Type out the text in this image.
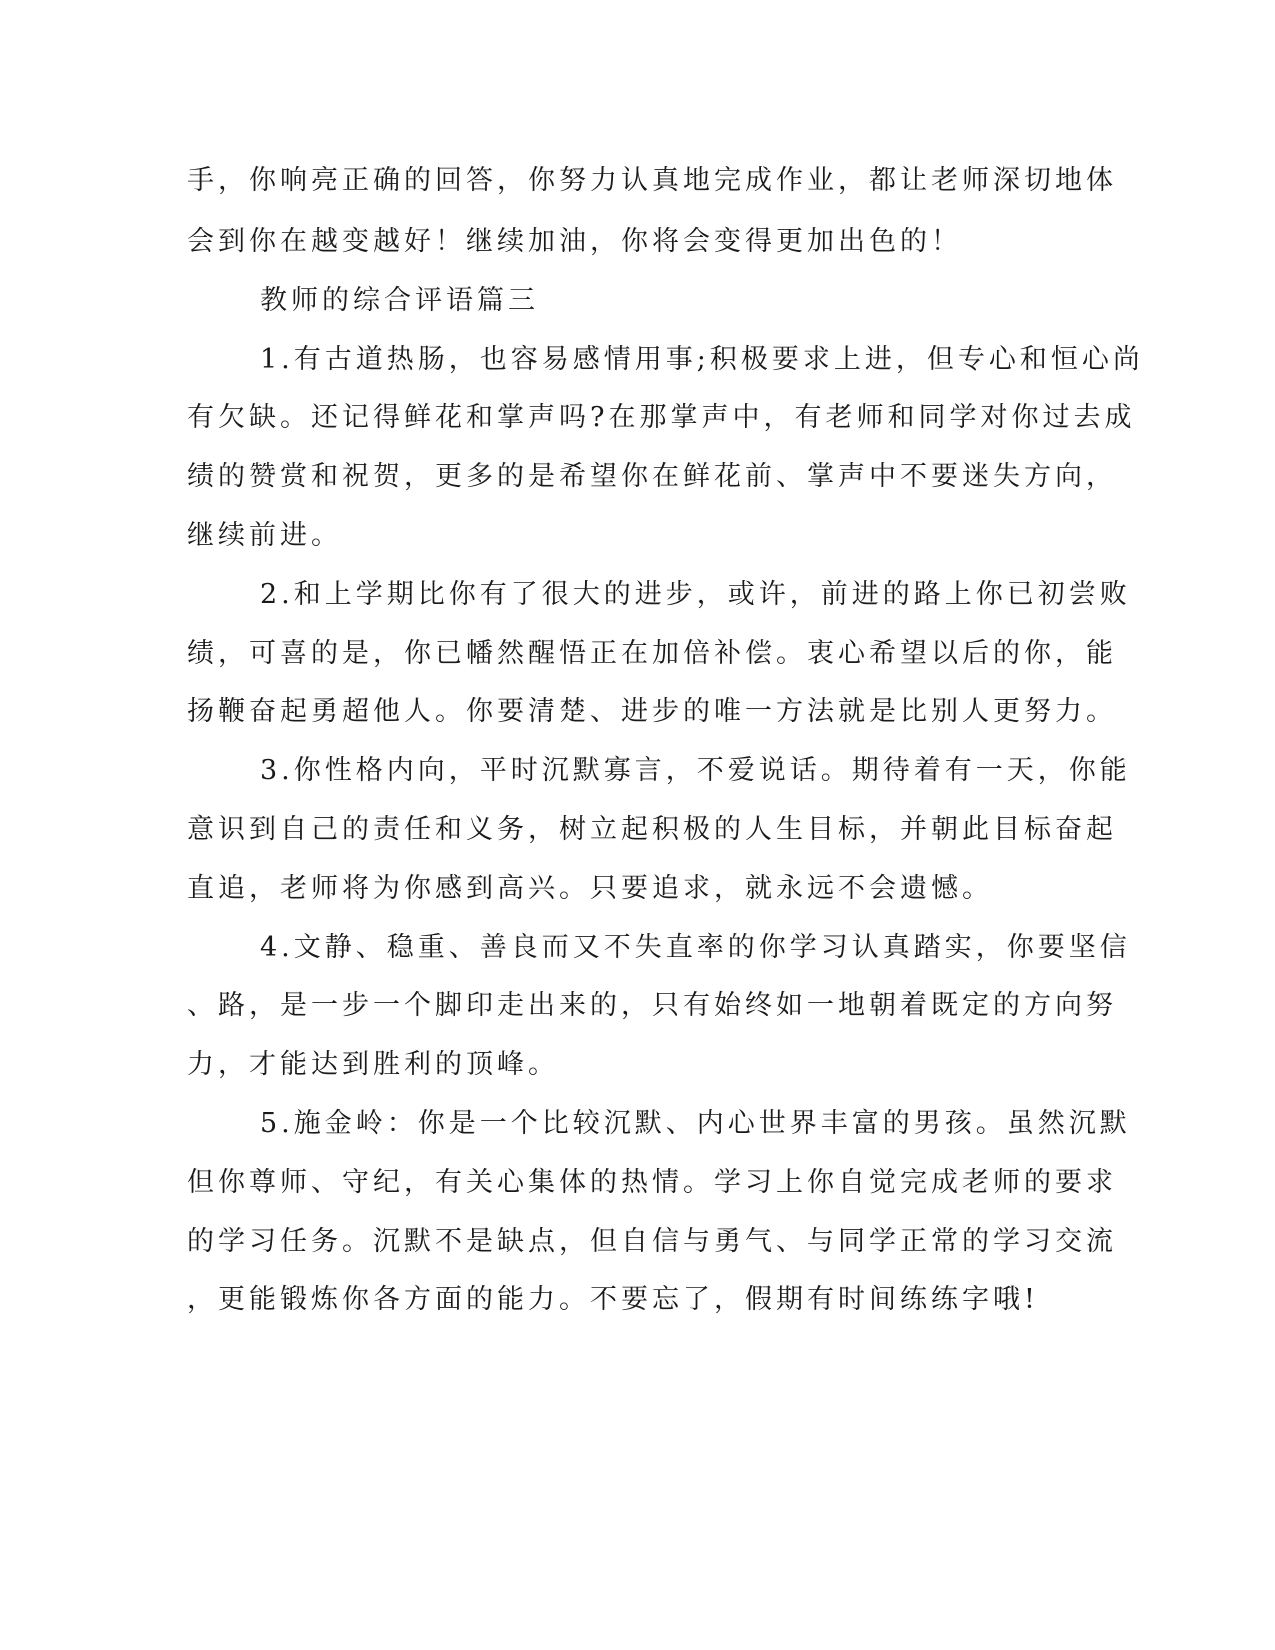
手，你响亮正确的回答，你努力认真地完成作业，都让老师深切地体
会到你在越变越好！继续加油，你将会变得更加出色的！
教师的综合评语篇三
1.有古道热肠，也容易感情用事;积极要求上进，但专心和恒心尚
有欠缺。还记得鲜花和掌声吗?在那掌声中，有老师和同学对你过去成
绩的赞赏和祝贺，更多的是希望你在鲜花前、掌声中不要迷失方向，
继续前进。
2.和上学期比你有了很大的进步，或许，前进的路上你已初尝败
绩，可喜的是，你已幡然醒悟正在加倍补偿。衷心希望以后的你，能
扬鞭奋起勇超他人。你要清楚、进步的唯一方法就是比别人更努力。
3.你性格内向，平时沉默寡言，不爱说话。期待着有一天，你能
意识到自己的责任和义务，树立起积极的人生目标，并朝此目标奋起
直追，老师将为你感到高兴。只要追求，就永远不会遗憾。
4.文静、稳重、善良而又不失直率的你学习认真踏实，你要坚信
、路，是一步一个脚印走出来的，只有始终如一地朝着既定的方向努
力，才能达到胜利的顶峰。
5.施金岭：你是一个比较沉默、内心世界丰富的男孩。虽然沉默
但你尊师、守纪，有关心集体的热情。学习上你自觉完成老师的要求
的学习任务。沉默不是缺点，但自信与勇气、与同学正常的学习交流
，更能锻炼你各方面的能力。不要忘了，假期有时间练练字哦!
